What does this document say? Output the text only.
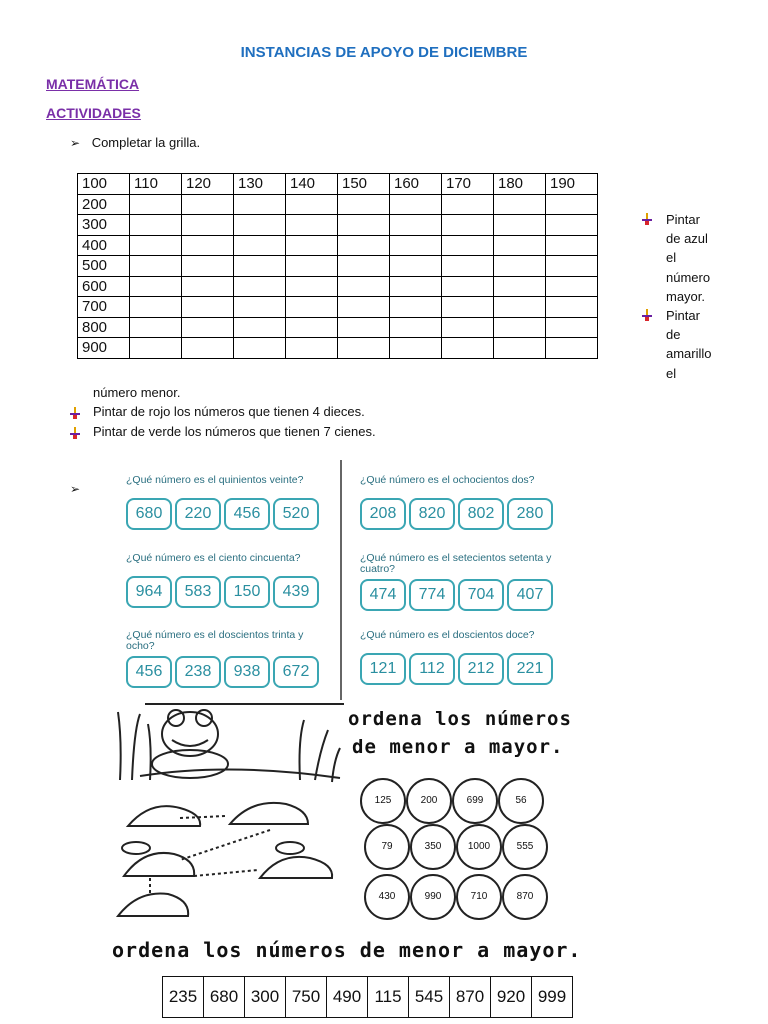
INSTANCIAS DE APOYO DE DICIEMBRE
MATEMÁTICA
ACTIVIDADES
➢ Completar la grilla.
100	110	120	130	140	150	160	170	180	190
200									
300									
400									
500									
600									
700									
800									
900									
Pintar
de azul
el
número
mayor.
Pintar
de
amarillo
el
número menor.
Pintar de rojo los números que tienen 4 dieces.
Pintar de verde los números que tienen 7 cienes.
➢
¿Qué número es el quinientos veinte?
680 220 456 520
¿Qué número es el ochocientos dos?
208 820 802 280
¿Qué número es el ciento cincuenta?
964 583 150 439
¿Qué número es el setecientos setenta y cuatro?
474 774 704 407
¿Qué número es el doscientos trinta y ocho?
456 238 938 672
¿Qué número es el doscientos doce?
121 112 212 221
ordena los números
de menor a mayor.
125	200	699	56
79	350	1000	555
430	990	710	870
ordena los números de menor a mayor.
235	680	300	750	490	115	545	870	920	999
